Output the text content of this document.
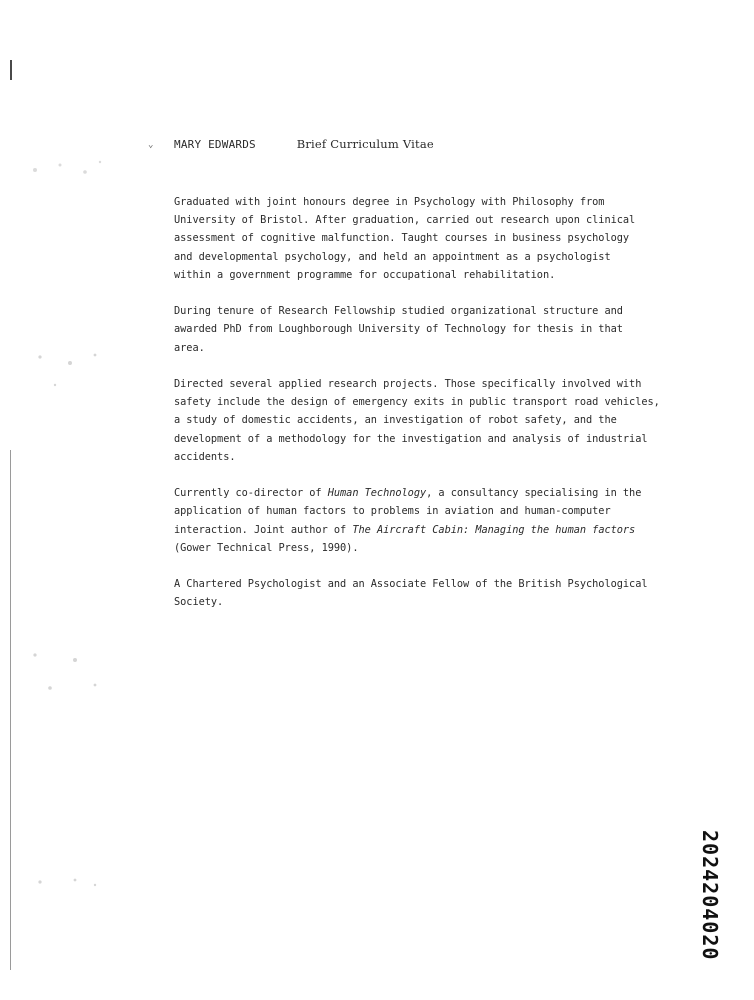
⌄ MARY EDWARDS	Brief Curriculum Vitae
Graduated with joint honours degree in Psychology with Philosophy from
University of Bristol. After graduation, carried out research upon clinical
assessment of cognitive malfunction. Taught courses in business psychology
and developmental psychology, and held an appointment as a psychologist
within a government programme for occupational rehabilitation.
During tenure of Research Fellowship studied organizational structure and
awarded PhD from Loughborough University of Technology for thesis in that
area.
Directed several applied research projects. Those specifically involved with
safety include the design of emergency exits in public transport road vehicles,
a study of domestic accidents, an investigation of robot safety, and the
development of a methodology for the investigation and analysis of industrial
accidents.
Currently co-director of Human Technology, a consultancy specialising in the
application of human factors to problems in aviation and human-computer
interaction. Joint author of The Aircraft Cabin: Managing the human factors
(Gower Technical Press, 1990).
A Chartered Psychologist and an Associate Fellow of the British Psychological
Society.
2024204020
